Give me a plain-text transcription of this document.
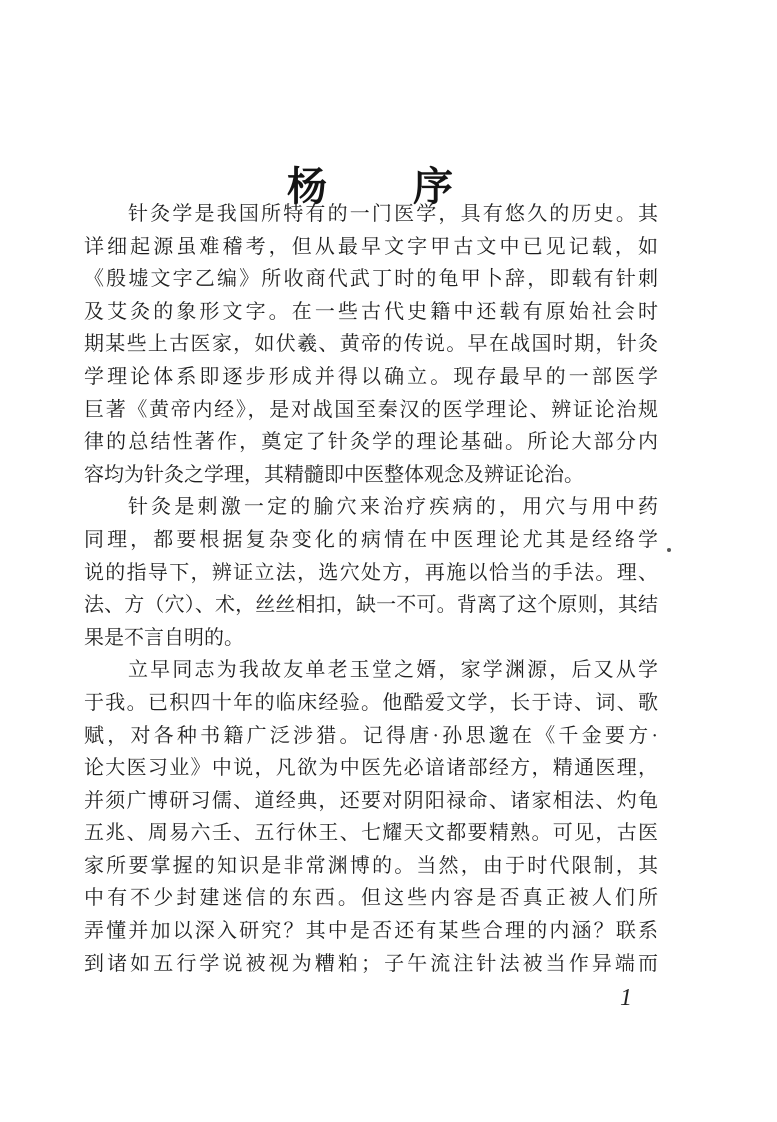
杨　　序

针灸学是我国所特有的一门医学，具有悠久的历史。其

详细起源虽难稽考，但从最早文字甲古文中已见记载，如

《殷墟文字乙编》所收商代武丁时的龟甲卜辞，即载有针刺

及艾灸的象形文字。在一些古代史籍中还载有原始社会时

期某些上古医家，如伏羲、黄帝的传说。早在战国时期，针灸

学理论体系即逐步形成并得以确立。现存最早的一部医学

巨著《黄帝内经》，是对战国至秦汉的医学理论、辨证论治规

律的总结性著作，奠定了针灸学的理论基础。所论大部分内

容均为针灸之学理，其精髓即中医整体观念及辨证论治。

针灸是刺激一定的腧穴来治疗疾病的，用穴与用中药

同理，都要根据复杂变化的病情在中医理论尤其是经络学

说的指导下，辨证立法，选穴处方，再施以恰当的手法。理、

法、方（穴）、术，丝丝相扣，缺一不可。背离了这个原则，其结

果是不言自明的。

立早同志为我故友单老玉堂之婿，家学渊源，后又从学

于我。已积四十年的临床经验。他酷爱文学，长于诗、词、歌

赋，对各种书籍广泛涉猎。记得唐·孙思邈在《千金要方·

论大医习业》中说，凡欲为中医先必谙诸部经方，精通医理，

并须广博研习儒、道经典，还要对阴阳禄命、诸家相法、灼龟

五兆、周易六壬、五行休王、七耀天文都要精熟。可见，古医

家所要掌握的知识是非常渊博的。当然，由于时代限制，其

中有不少封建迷信的东西。但这些内容是否真正被人们所

弄懂并加以深入研究？其中是否还有某些合理的内涵？联系

到诸如五行学说被视为糟粕；子午流注针法被当作异端而

1
